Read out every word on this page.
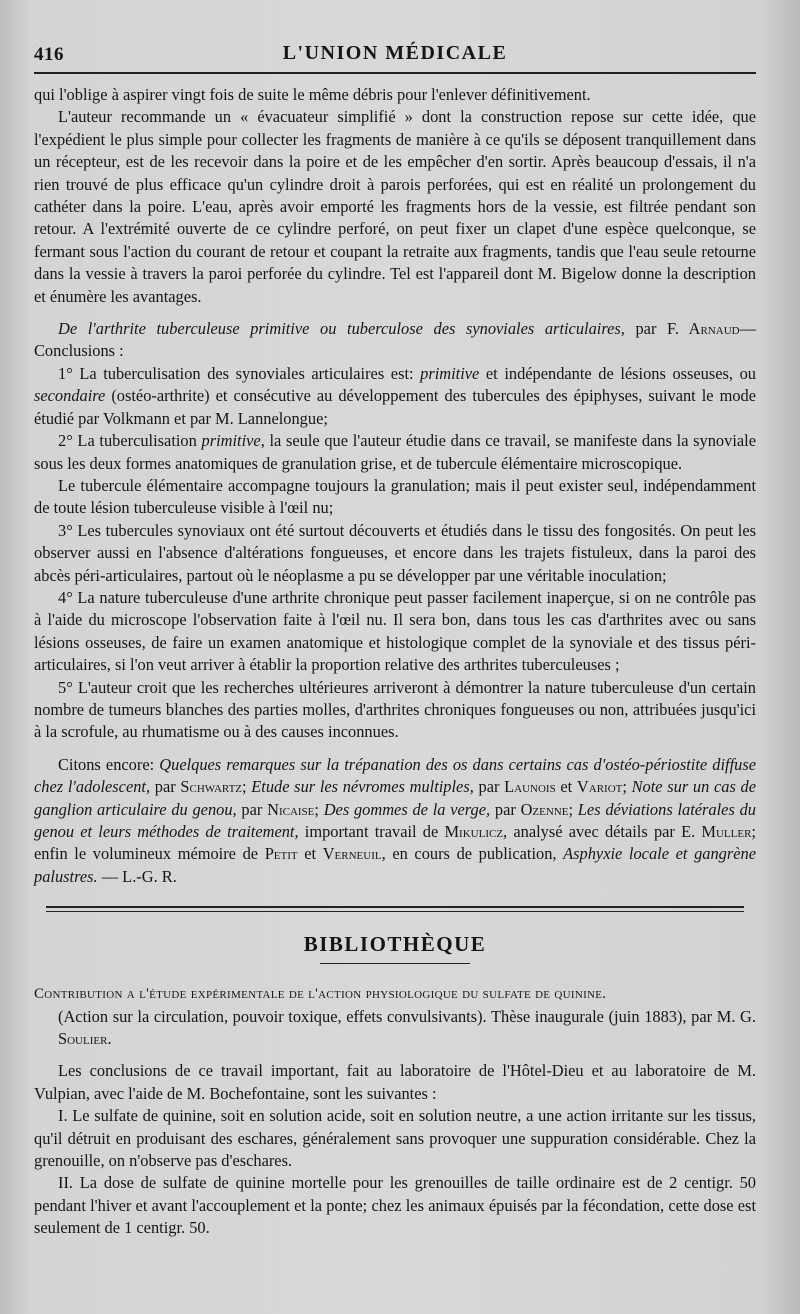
416	L'UNION MÉDICALE

qui l'oblige à aspirer vingt fois de suite le même débris pour l'enlever définitivement.

L'auteur recommande un « évacuateur simplifié » dont la construction repose sur cette idée, que l'expédient le plus simple pour collecter les fragments de manière à ce qu'ils se déposent tranquillement dans un récepteur, est de les recevoir dans la poire et de les empêcher d'en sortir. Après beaucoup d'essais, il n'a rien trouvé de plus efficace qu'un cylindre droit à parois perforées, qui est en réalité un prolongement du cathéter dans la poire. L'eau, après avoir emporté les fragments hors de la vessie, est filtrée pendant son retour. A l'extrémité ouverte de ce cylindre perforé, on peut fixer un clapet d'une espèce quelconque, se fermant sous l'action du courant de retour et coupant la retraite aux fragments, tandis que l'eau seule retourne dans la vessie à travers la paroi perforée du cylindre. Tel est l'appareil dont M. Bigelow donne la description et énumère les avantages.

De l'arthrite tuberculeuse primitive ou tuberculose des synoviales articulaires, par F. Arnaud— Conclusions :

1° La tuberculisation des synoviales articulaires est: primitive et indépendante de lésions osseuses, ou secondaire (ostéo-arthrite) et consécutive au développement des tubercules des épiphyses, suivant le mode étudié par Volkmann et par M. Lannelongue;

2° La tuberculisation primitive, la seule que l'auteur étudie dans ce travail, se manifeste dans la synoviale sous les deux formes anatomiques de granulation grise, et de tubercule élémentaire microscopique.

Le tubercule élémentaire accompagne toujours la granulation; mais il peut exister seul, indépendamment de toute lésion tuberculeuse visible à l'œil nu;

3° Les tubercules synoviaux ont été surtout découverts et étudiés dans le tissu des fongosités. On peut les observer aussi en l'absence d'altérations fongueuses, et encore dans les trajets fistuleux, dans la paroi des abcès péri-articulaires, partout où le néoplasme a pu se développer par une véritable inoculation;

4° La nature tuberculeuse d'une arthrite chronique peut passer facilement inaperçue, si on ne contrôle pas à l'aide du microscope l'observation faite à l'œil nu. Il sera bon, dans tous les cas d'arthrites avec ou sans lésions osseuses, de faire un examen anatomique et histologique complet de la synoviale et des tissus péri-articulaires, si l'on veut arriver à établir la proportion relative des arthrites tuberculeuses ;

5° L'auteur croit que les recherches ultérieures arriveront à démontrer la nature tuberculeuse d'un certain nombre de tumeurs blanches des parties molles, d'arthrites chroniques fongueuses ou non, attribuées jusqu'ici à la scrofule, au rhumatisme ou à des causes inconnues.

Citons encore: Quelques remarques sur la trépanation des os dans certains cas d'ostéo-périostite diffuse chez l'adolescent, par Schwartz; Etude sur les névromes multiples, par Launois et Variot; Note sur un cas de ganglion articulaire du genou, par Nicaise; Des gommes de la verge, par Ozenne; Les déviations latérales du genou et leurs méthodes de traitement, important travail de Mikulicz, analysé avec détails par E. Muller; enfin le volumineux mémoire de Petit et Verneuil, en cours de publication, Asphyxie locale et gangrène palustres. — L.-G. R.

BIBLIOTHÈQUE

Contribution a l'étude expérimentale de l'action physiologique du sulfate de quinine.

(Action sur la circulation, pouvoir toxique, effets convulsivants). Thèse inaugurale (juin 1883), par M. G. Soulier.

Les conclusions de ce travail important, fait au laboratoire de l'Hôtel-Dieu et au laboratoire de M. Vulpian, avec l'aide de M. Bochefontaine, sont les suivantes :

I. Le sulfate de quinine, soit en solution acide, soit en solution neutre, a une action irritante sur les tissus, qu'il détruit en produisant des eschares, généralement sans provoquer une suppuration considérable. Chez la grenouille, on n'observe pas d'eschares.

II. La dose de sulfate de quinine mortelle pour les grenouilles de taille ordinaire est de 2 centigr. 50 pendant l'hiver et avant l'accouplement et la ponte; chez les animaux épuisés par la fécondation, cette dose est seulement de 1 centigr. 50.
